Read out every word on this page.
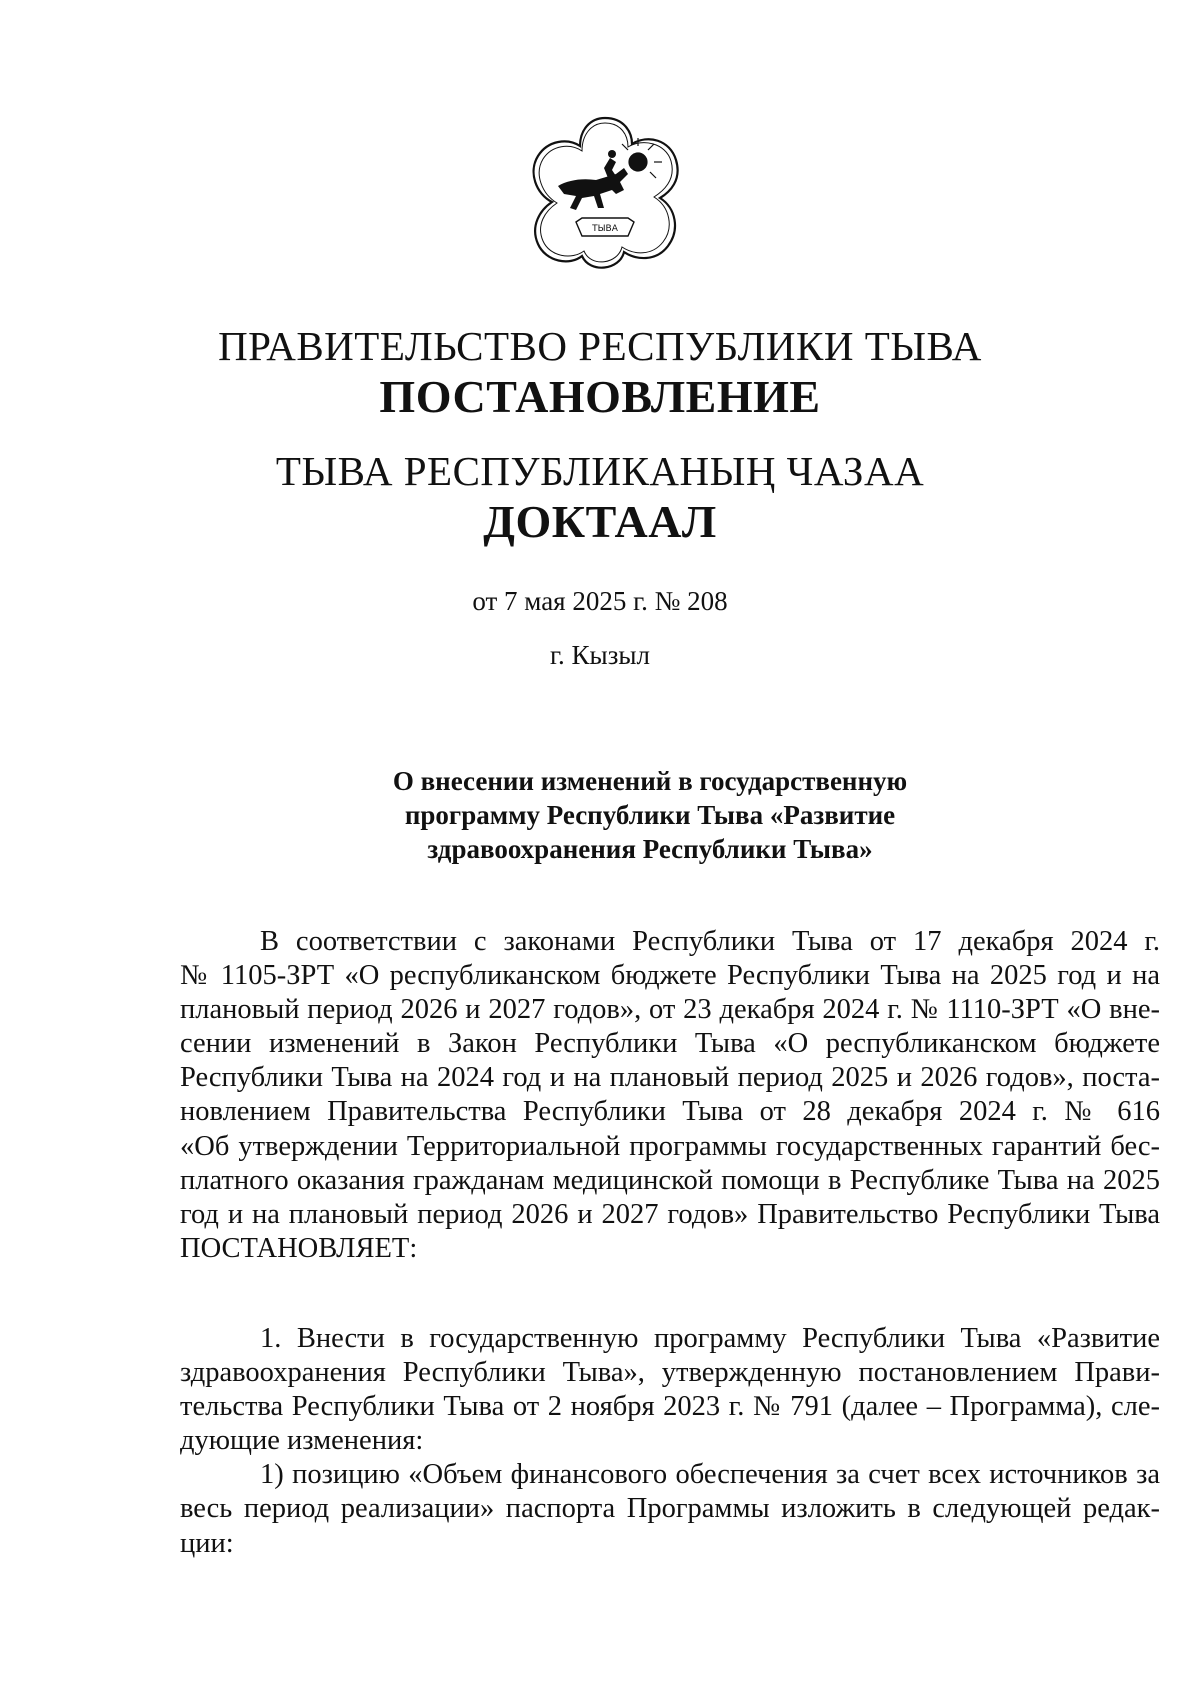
ТЫВА
ПРАВИТЕЛЬСТВО РЕСПУБЛИКИ ТЫВА
ПОСТАНОВЛЕНИЕ
ТЫВА РЕСПУБЛИКАНЫҢ ЧАЗАА
ДОКТААЛ
от 7 мая 2025 г. № 208
г. Кызыл
О внесении изменений в государственную
программу Республики Тыва «Развитие
здравоохранения Республики Тыва»
В соответствии с законами Республики Тыва от 17 декабря 2024 г.
№ 1105-ЗРТ «О республиканском бюджете Республики Тыва на 2025 год и на
плановый период 2026 и 2027 годов», от 23 декабря 2024 г. № 1110-ЗРТ «О вне-
сении изменений в Закон Республики Тыва «О республиканском бюджете
Республики Тыва на 2024 год и на плановый период 2025 и 2026 годов», поста-
новлением Правительства Республики Тыва от 28 декабря 2024 г. № 616
«Об утверждении Территориальной программы государственных гарантий бес-
платного оказания гражданам медицинской помощи в Республике Тыва на 2025
год и на плановый период 2026 и 2027 годов» Правительство Республики Тыва
ПОСТАНОВЛЯЕТ:
1. Внести в государственную программу Республики Тыва «Развитие
здравоохранения Республики Тыва», утвержденную постановлением Прави-
тельства Республики Тыва от 2 ноября 2023 г. № 791 (далее – Программа), сле-
дующие изменения:
1) позицию «Объем финансового обеспечения за счет всех источников за
весь период реализации» паспорта Программы изложить в следующей редак-
ции:
